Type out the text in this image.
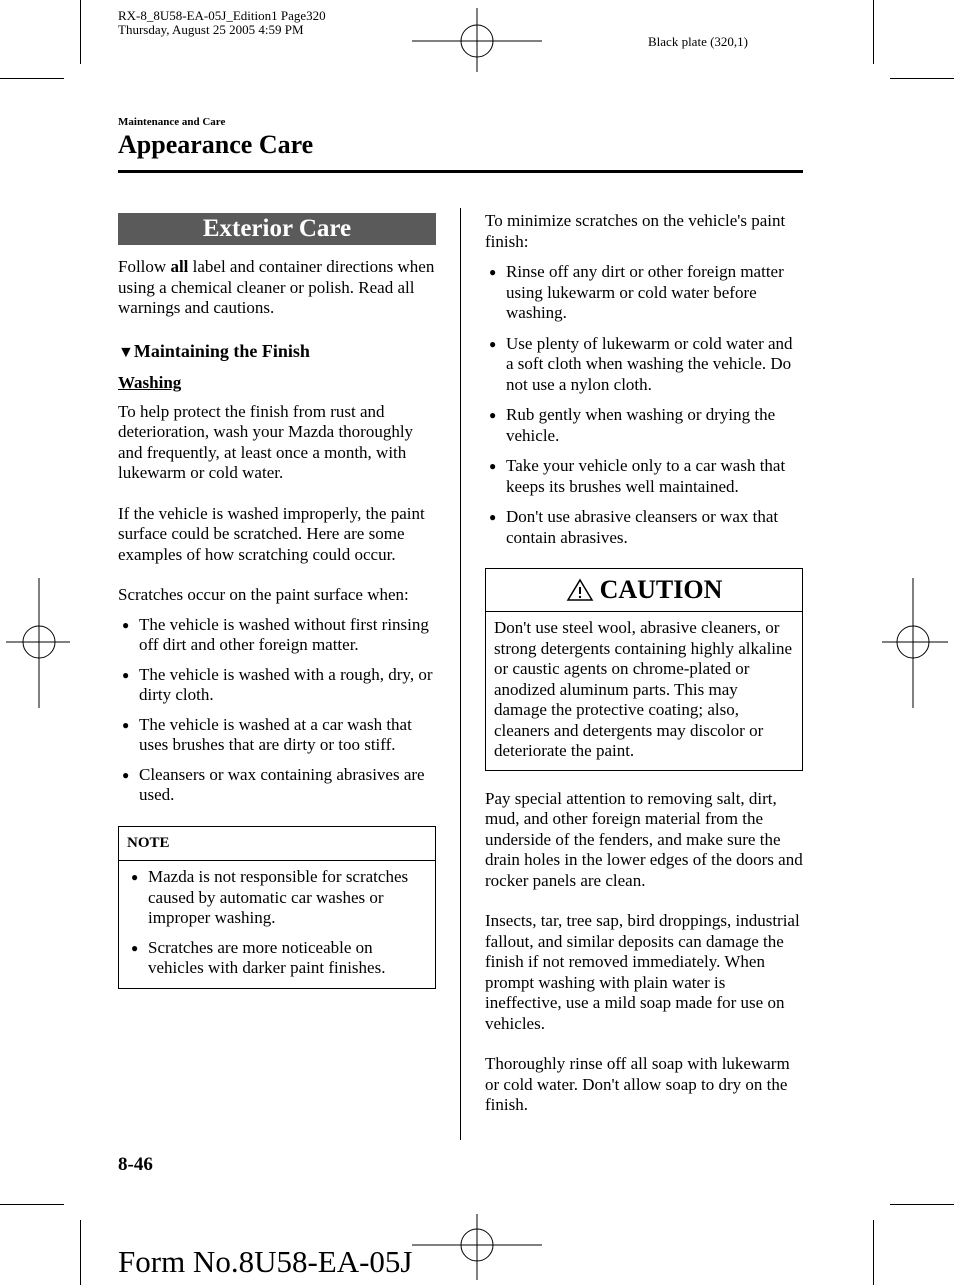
RX-8_8U58-EA-05J_Edition1 Page320
Thursday, August 25 2005 4:59 PM
Black plate (320,1)
Maintenance and Care
Appearance Care
Exterior Care

Follow all label and container directions when using a chemical cleaner or polish. Read all warnings and cautions.

▼Maintaining the Finish
Washing

To help protect the finish from rust and deterioration, wash your Mazda thoroughly and frequently, at least once a month, with lukewarm or cold water.

If the vehicle is washed improperly, the paint surface could be scratched. Here are some examples of how scratching could occur.

Scratches occur on the paint surface when:

● The vehicle is washed without first rinsing off dirt and other foreign matter.
● The vehicle is washed with a rough, dry, or dirty cloth.
● The vehicle is washed at a car wash that uses brushes that are dirty or too stiff.
● Cleansers or wax containing abrasives are used.
NOTE
● Mazda is not responsible for scratches caused by automatic car washes or improper washing.
● Scratches are more noticeable on vehicles with darker paint finishes.

To minimize scratches on the vehicle's paint finish:

● Rinse off any dirt or other foreign matter using lukewarm or cold water before washing.
● Use plenty of lukewarm or cold water and a soft cloth when washing the vehicle. Do not use a nylon cloth.
● Rub gently when washing or drying the vehicle.
● Take your vehicle only to a car wash that keeps its brushes well maintained.
● Don't use abrasive cleansers or wax that contain abrasives.
CAUTION

Don't use steel wool, abrasive cleaners, or strong detergents containing highly alkaline or caustic agents on chrome-plated or anodized aluminum parts. This may damage the protective coating; also, cleaners and detergents may discolor or deteriorate the paint.

Pay special attention to removing salt, dirt, mud, and other foreign material from the underside of the fenders, and make sure the drain holes in the lower edges of the doors and rocker panels are clean.

Insects, tar, tree sap, bird droppings, industrial fallout, and similar deposits can damage the finish if not removed immediately. When prompt washing with plain water is ineffective, use a mild soap made for use on vehicles.

Thoroughly rinse off all soap with lukewarm or cold water. Don't allow soap to dry on the finish.

8-46
Form No.8U58-EA-05J
